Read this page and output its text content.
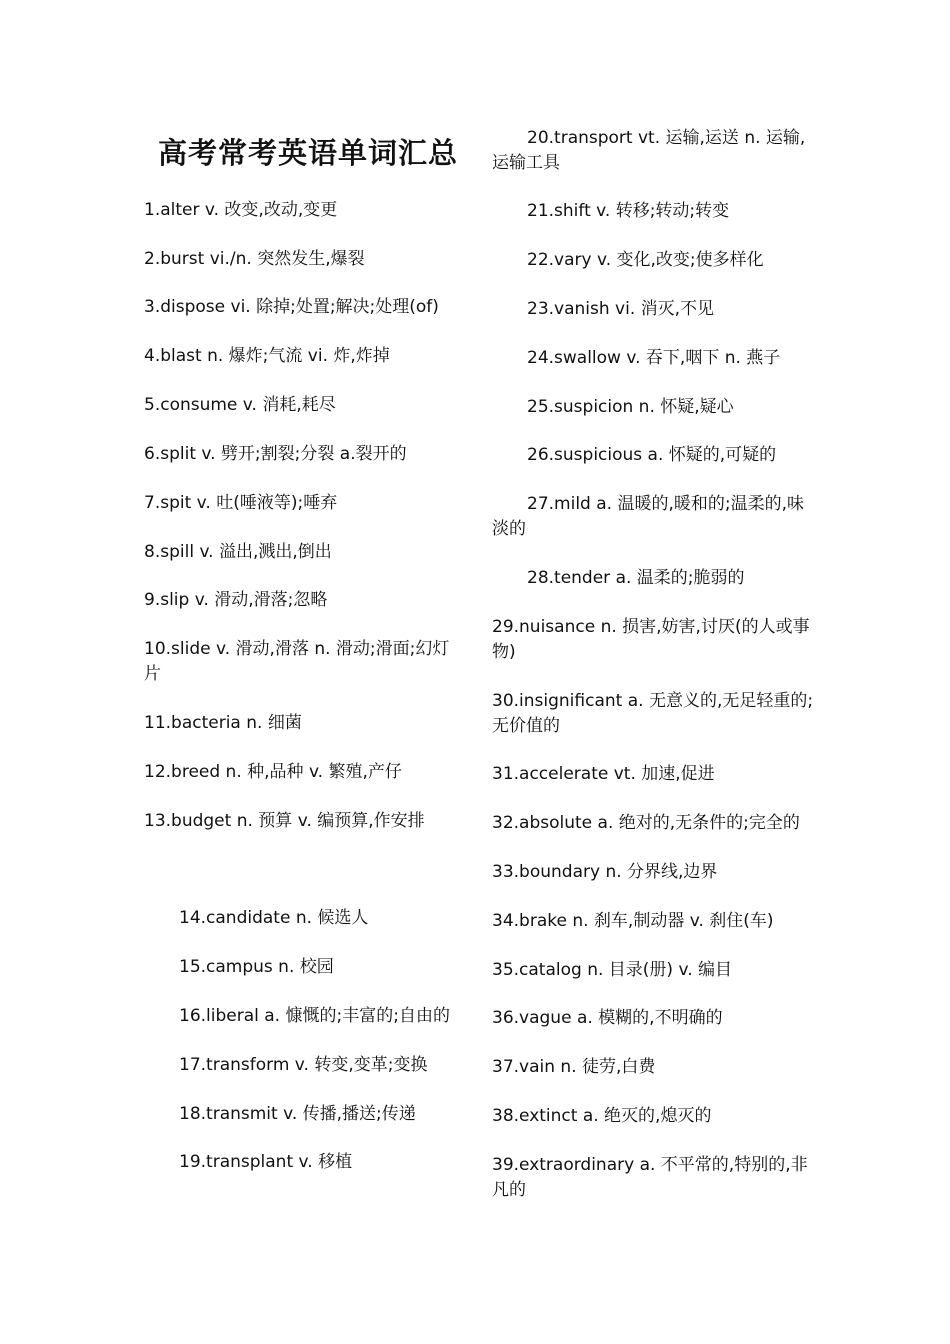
高考常考英语单词汇总

1.alter v. 改变,改动,变更

2.burst vi./n. 突然发生,爆裂

3.dispose vi. 除掉;处置;解决;处理(of)

4.blast n. 爆炸;气流 vi. 炸,炸掉

5.consume v. 消耗,耗尽

6.split v. 劈开;割裂;分裂 a.裂开的

7.spit v. 吐(唾液等);唾弃

8.spill v. 溢出,溅出,倒出

9.slip v. 滑动,滑落;忽略

10.slide v. 滑动,滑落 n. 滑动;滑面;幻灯片

11.bacteria n. 细菌

12.breed n. 种,品种 v. 繁殖,产仔

13.budget n. 预算 v. 编预算,作安排

14.candidate n. 候选人

15.campus n. 校园

16.liberal a. 慷慨的;丰富的;自由的

17.transform v. 转变,变革;变换

18.transmit v. 传播,播送;传递

19.transplant v. 移植

20.transport vt. 运输,运送 n. 运输,运输工具

21.shift v. 转移;转动;转变

22.vary v. 变化,改变;使多样化

23.vanish vi. 消灭,不见

24.swallow v. 吞下,咽下 n. 燕子

25.suspicion n. 怀疑,疑心

26.suspicious a. 怀疑的,可疑的

27.mild a. 温暖的,暖和的;温柔的,味淡的

28.tender a. 温柔的;脆弱的

29.nuisance n. 损害,妨害,讨厌(的人或事物)

30.insignificant a. 无意义的,无足轻重的;无价值的

31.accelerate vt. 加速,促进

32.absolute a. 绝对的,无条件的;完全的

33.boundary n. 分界线,边界

34.brake n. 刹车,制动器 v. 刹住(车)

35.catalog n. 目录(册) v. 编目

36.vague a. 模糊的,不明确的

37.vain n. 徒劳,白费

38.extinct a. 绝灭的,熄灭的

39.extraordinary a. 不平常的,特别的,非凡的
